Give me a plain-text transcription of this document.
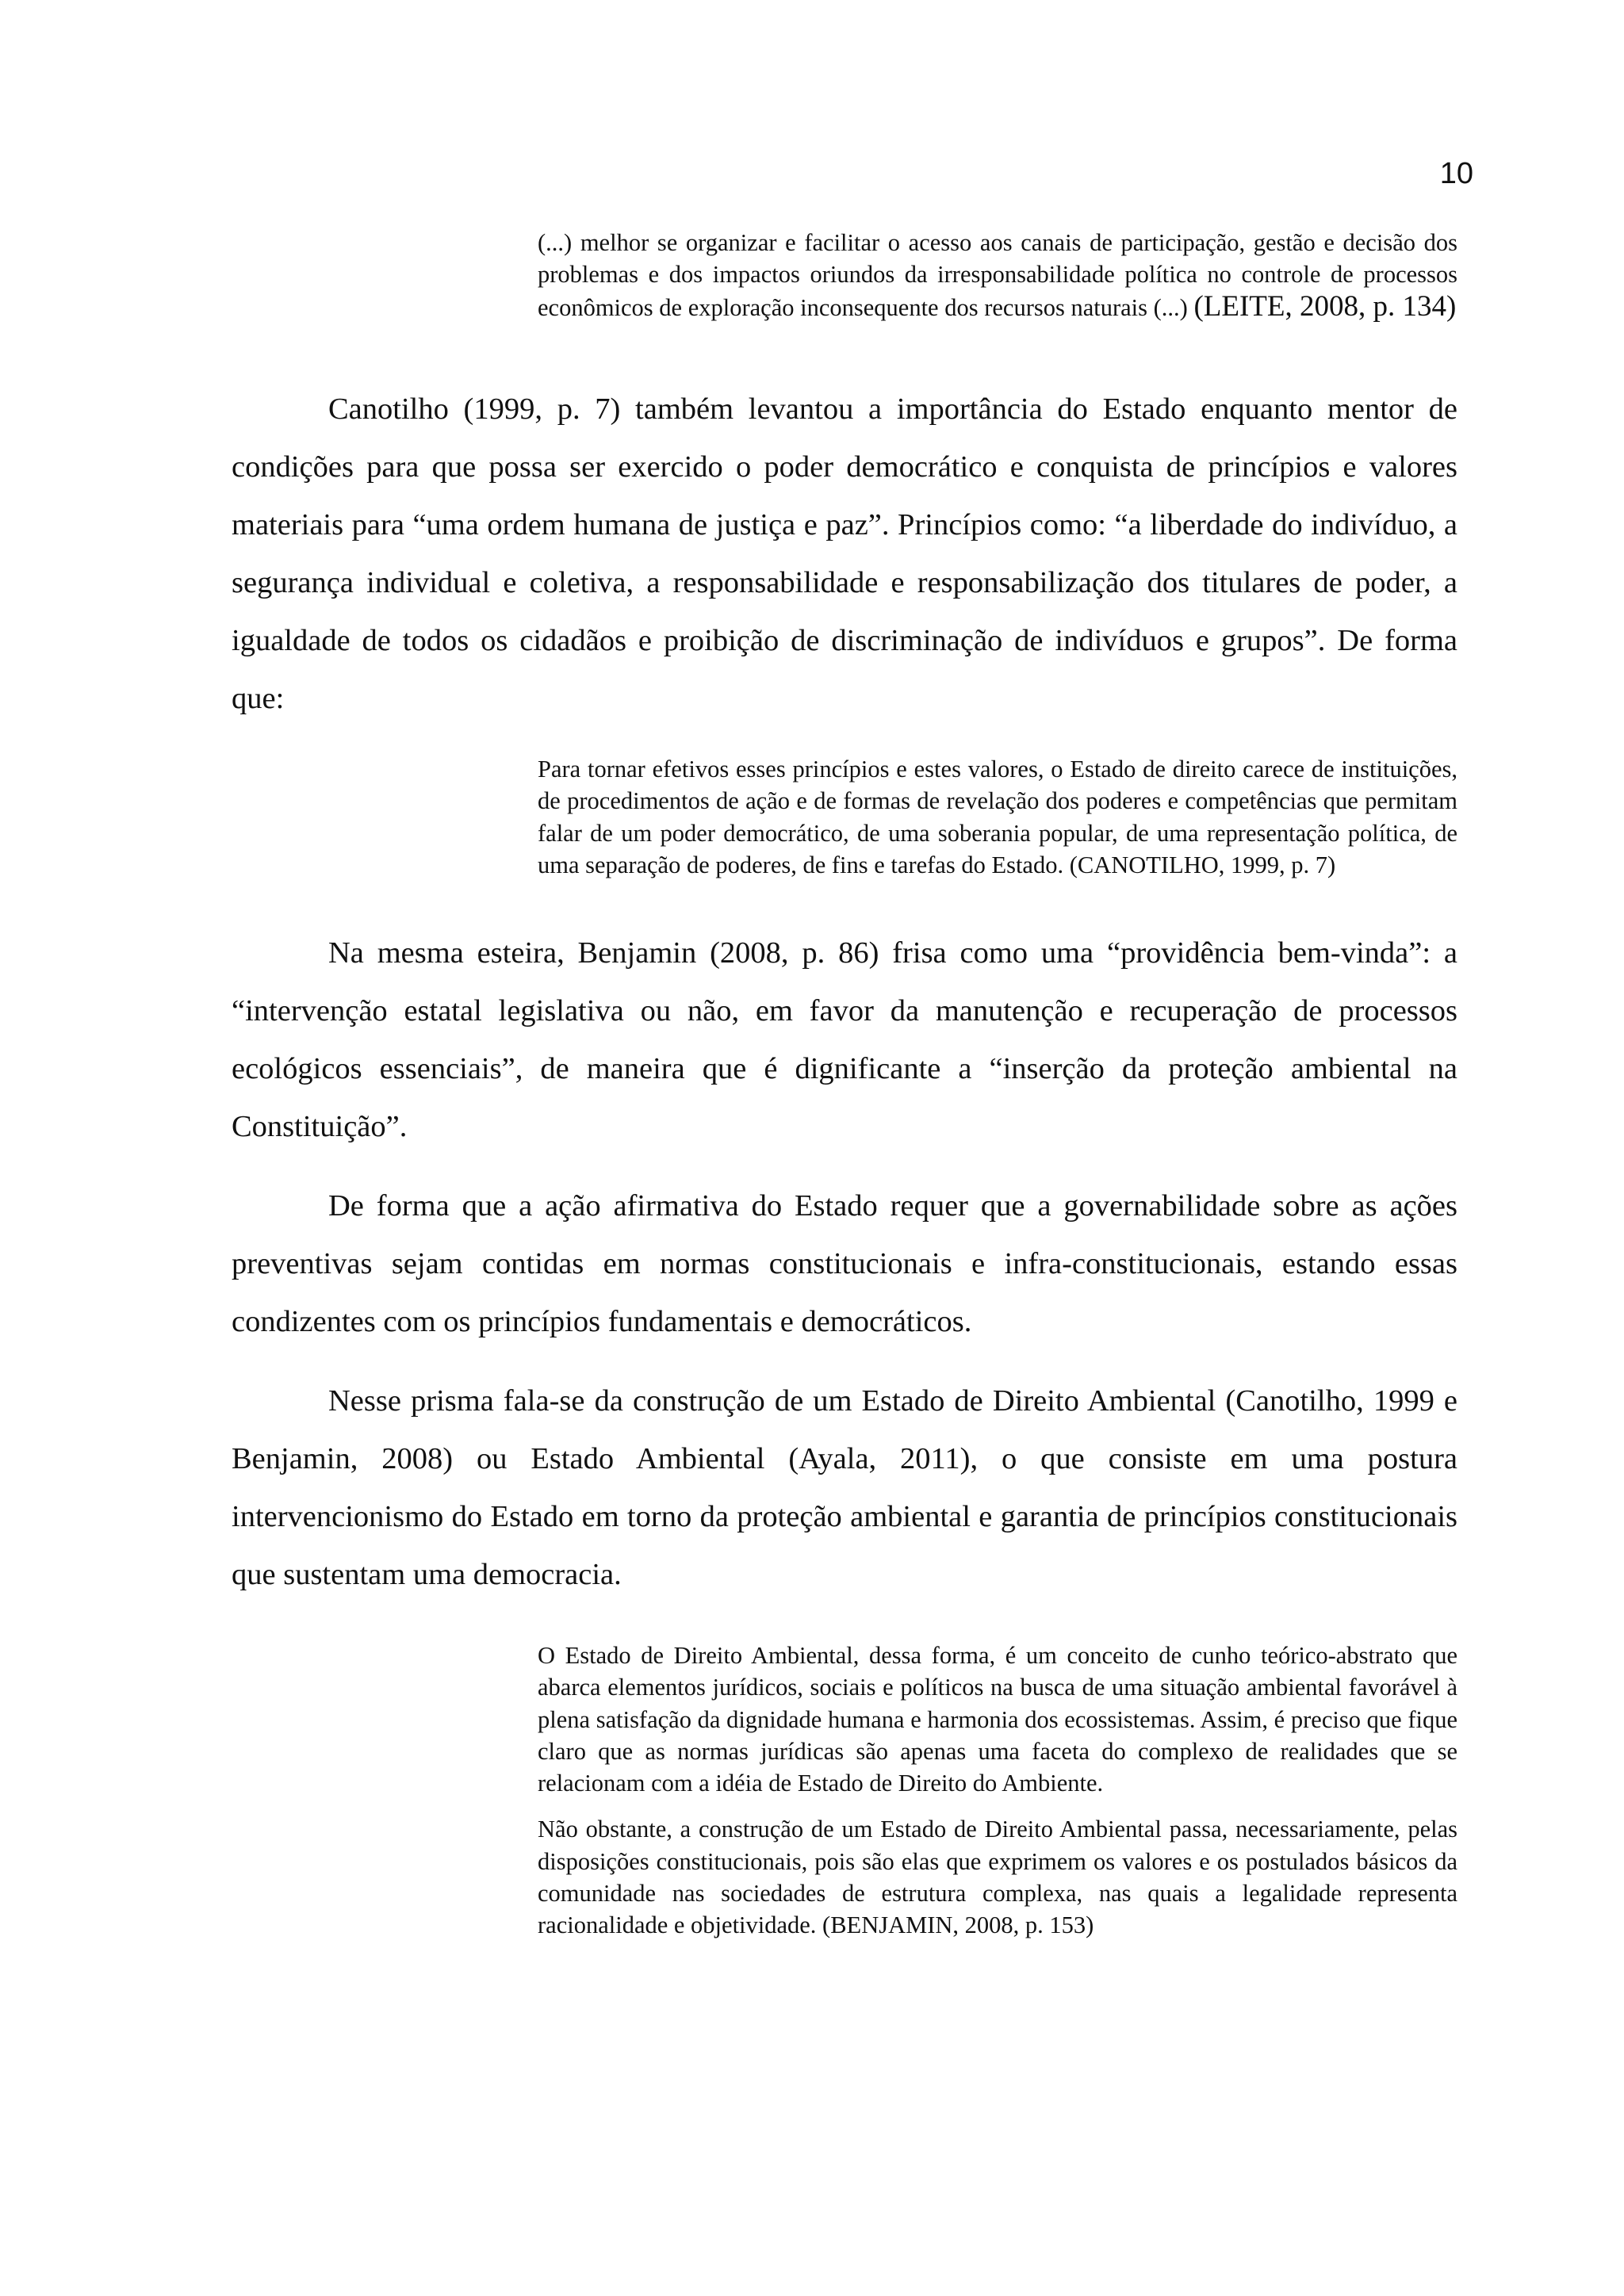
10
(...) melhor se organizar e facilitar o acesso aos canais de participação, gestão e decisão dos problemas e dos impactos oriundos da irresponsabilidade política no controle de processos econômicos de exploração inconsequente dos recursos naturais (...) (LEITE, 2008, p. 134)

Canotilho (1999, p. 7) também levantou a importância do Estado enquanto mentor de condições para que possa ser exercido o poder democrático e conquista de princípios e valores materiais para “uma ordem humana de justiça e paz”. Princípios como: “a liberdade do indivíduo, a segurança individual e coletiva, a responsabilidade e responsabilização dos titulares de poder, a igualdade de todos os cidadãos e proibição de discriminação de indivíduos e grupos”. De forma que:

Para tornar efetivos esses princípios e estes valores, o Estado de direito carece de instituições, de procedimentos de ação e de formas de revelação dos poderes e competências que permitam falar de um poder democrático, de uma soberania popular, de uma representação política, de uma separação de poderes, de fins e tarefas do Estado. (CANOTILHO, 1999, p. 7)

Na mesma esteira, Benjamin (2008, p. 86) frisa como uma “providência bem-vinda”: a “intervenção estatal legislativa ou não, em favor da manutenção e recuperação de processos ecológicos essenciais”, de maneira que é dignificante a “inserção da proteção ambiental na Constituição”.

De forma que a ação afirmativa do Estado requer que a governabilidade sobre as ações preventivas sejam contidas em normas constitucionais e infra-constitucionais, estando essas condizentes com os princípios fundamentais e democráticos.

Nesse prisma fala-se da construção de um Estado de Direito Ambiental (Canotilho, 1999 e Benjamin, 2008) ou Estado Ambiental (Ayala, 2011), o que consiste em uma postura intervencionismo do Estado em torno da proteção ambiental e garantia de princípios constitucionais que sustentam uma democracia.

O Estado de Direito Ambiental, dessa forma, é um conceito de cunho teórico-abstrato que abarca elementos jurídicos, sociais e políticos na busca de uma situação ambiental favorável à plena satisfação da dignidade humana e harmonia dos ecossistemas. Assim, é preciso que fique claro que as normas jurídicas são apenas uma faceta do complexo de realidades que se relacionam com a idéia de Estado de Direito do Ambiente.

Não obstante, a construção de um Estado de Direito Ambiental passa, necessariamente, pelas disposições constitucionais, pois são elas que exprimem os valores e os postulados básicos da comunidade nas sociedades de estrutura complexa, nas quais a legalidade representa racionalidade e objetividade. (BENJAMIN, 2008, p. 153)
